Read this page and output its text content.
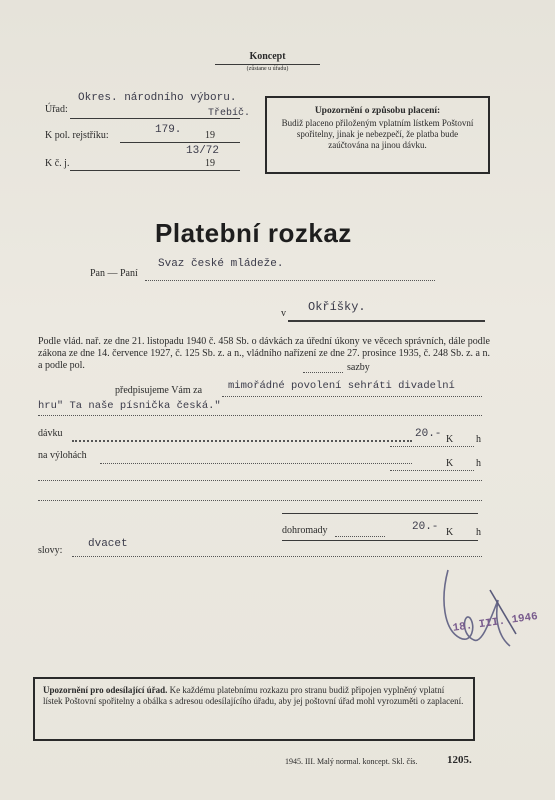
Koncept
(zůstane u úřadu)
Úřad:
Okres. národního výboru.
Třebíč.
K pol. rejstříku:	179. 19
K č. j.
13/72
19
Upozornění o způsobu placení:
Budiž placeno přiloženým vplatním lístkem Poštovní spořitelny, jinak je nebezpečí, že platba bude zaúčtována na jinou dávku.
Platební rozkaz
Pan — Paní
Svaz české mládeže.
Okříšky.
v
Podle vlád. nař. ze dne 21. listopadu 1940 č. 458 Sb. o dávkách za úřední úkony ve věcech správních, dále podle zákona ze dne 14. července 1927, č. 125 Sb. z. a n., vládního nařízení ze dne 27. prosince 1935, č. 248 Sb. z. a n. a podle pol.	sazby
předpisujeme Vám za mimořádné povolení sehráti divadelní
hru" Ta naše písnička česká."
dávku	20.- K h
na výlohách
K h
dohromady	20.- K h
slovy:
dvacet
18. III. 1946
Upozornění pro odesílající úřad. Ke každému platebnímu rozkazu pro stranu budiž připojen vyplněný vplatní lístek Poštovní spořitelny a obálka s adresou odesílajícího úřadu, aby jej poštovní úřad mohl vyrozuměti o zaplacení.
1945. III. Malý normal. koncept. Skl. čís.	1205.
